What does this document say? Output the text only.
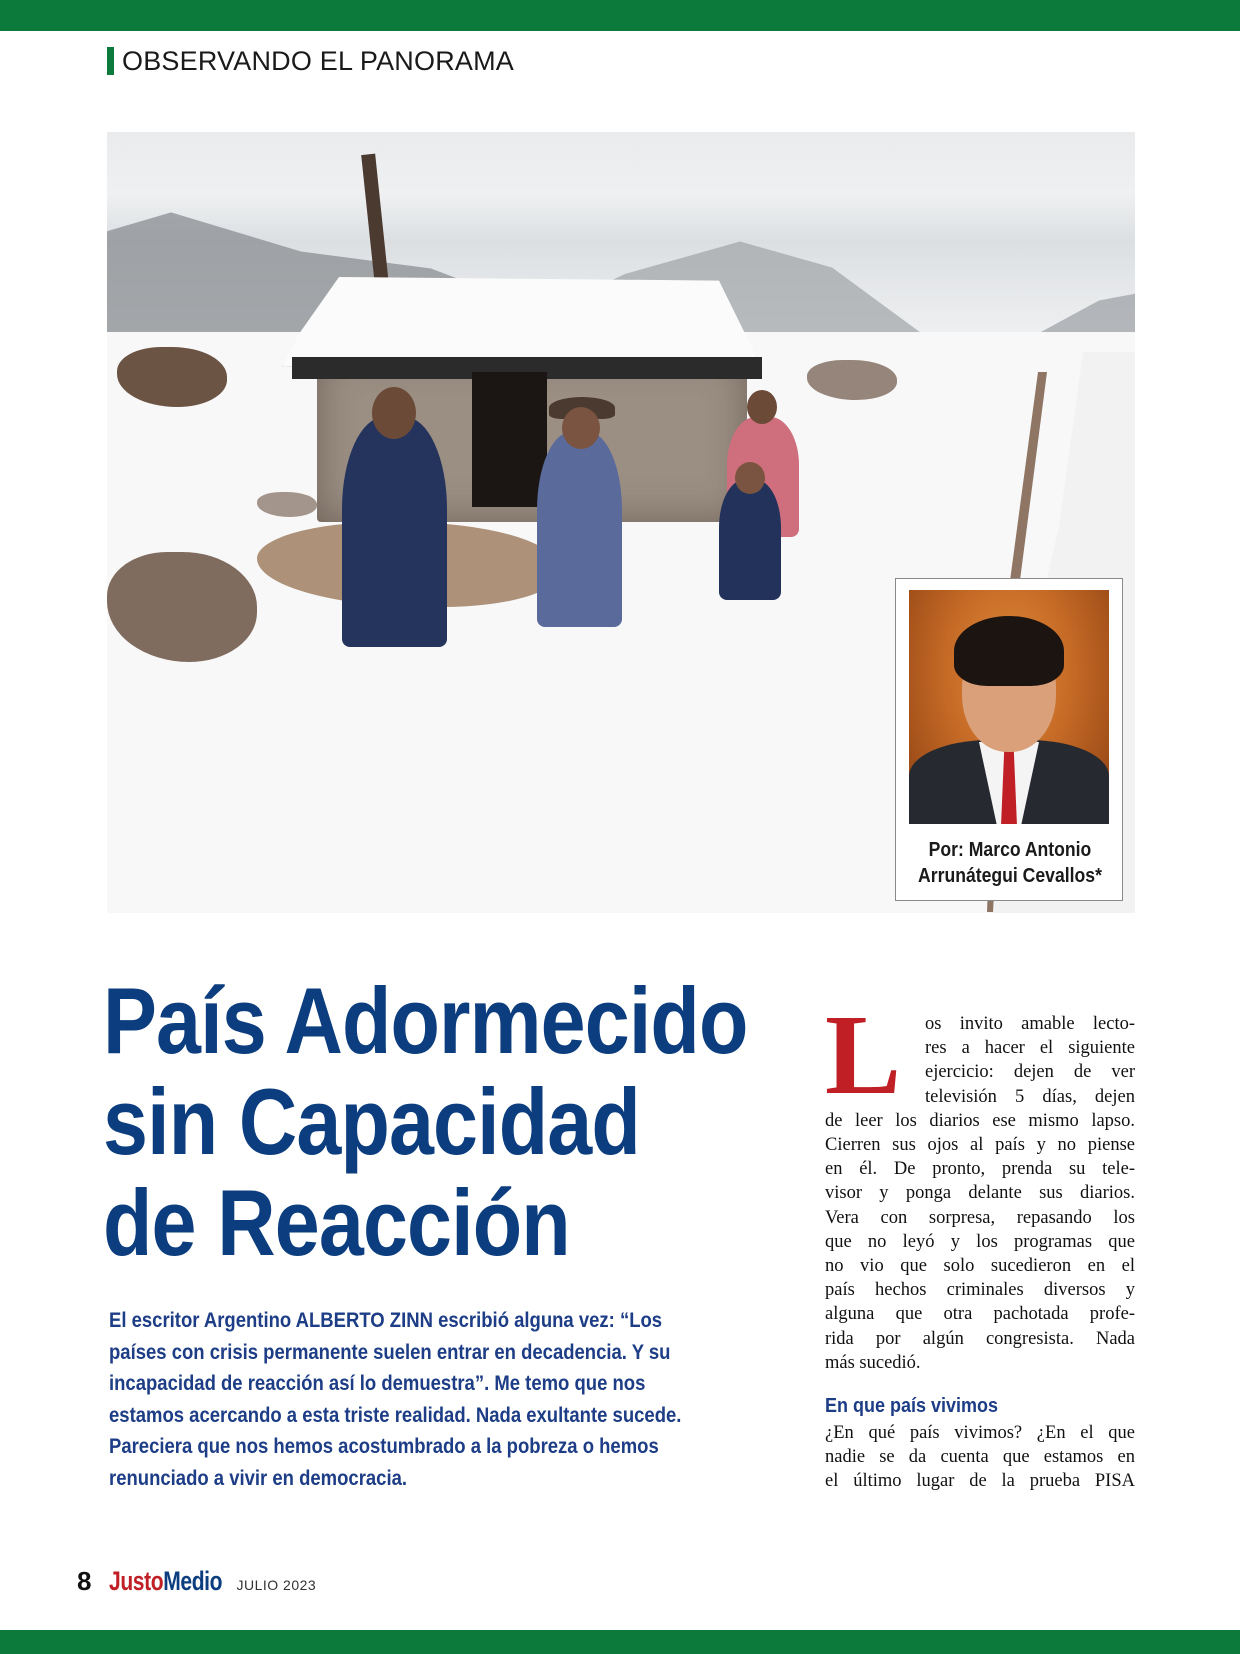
OBSERVANDO EL PANORAMA
Por: Marco Antonio
Arrunátegui Cevallos*
País Adormecido
sin Capacidad
de Reacción
El escritor Argentino ALBERTO ZINN escribió alguna vez: “Los
países con crisis permanente suelen entrar en decadencia. Y su
incapacidad de reacción así lo demuestra”. Me temo que nos
estamos acercando a esta triste realidad. Nada exultante sucede.
Pareciera que nos hemos acostumbrado a la pobreza o hemos
renunciado a vivir en democracia.
L	os invito amable lecto-
res a hacer el siguiente
ejercicio: dejen de ver
televisión 5 días, dejen
de leer los diarios ese mismo lapso.
Cierren sus ojos al país y no piense
en él. De pronto, prenda su tele-
visor y ponga delante sus diarios.
Vera con sorpresa, repasando los
que no leyó y los programas que
no vio que solo sucedieron en el
país hechos criminales diversos y
alguna que otra pachotada profe-
rida por algún congresista. Nada
más sucedió.
En que país vivimos
¿En qué país vivimos? ¿En el que
nadie se da cuenta que estamos en
el último lugar de la prueba PISA
8 JustoMedio JULIO 2023
